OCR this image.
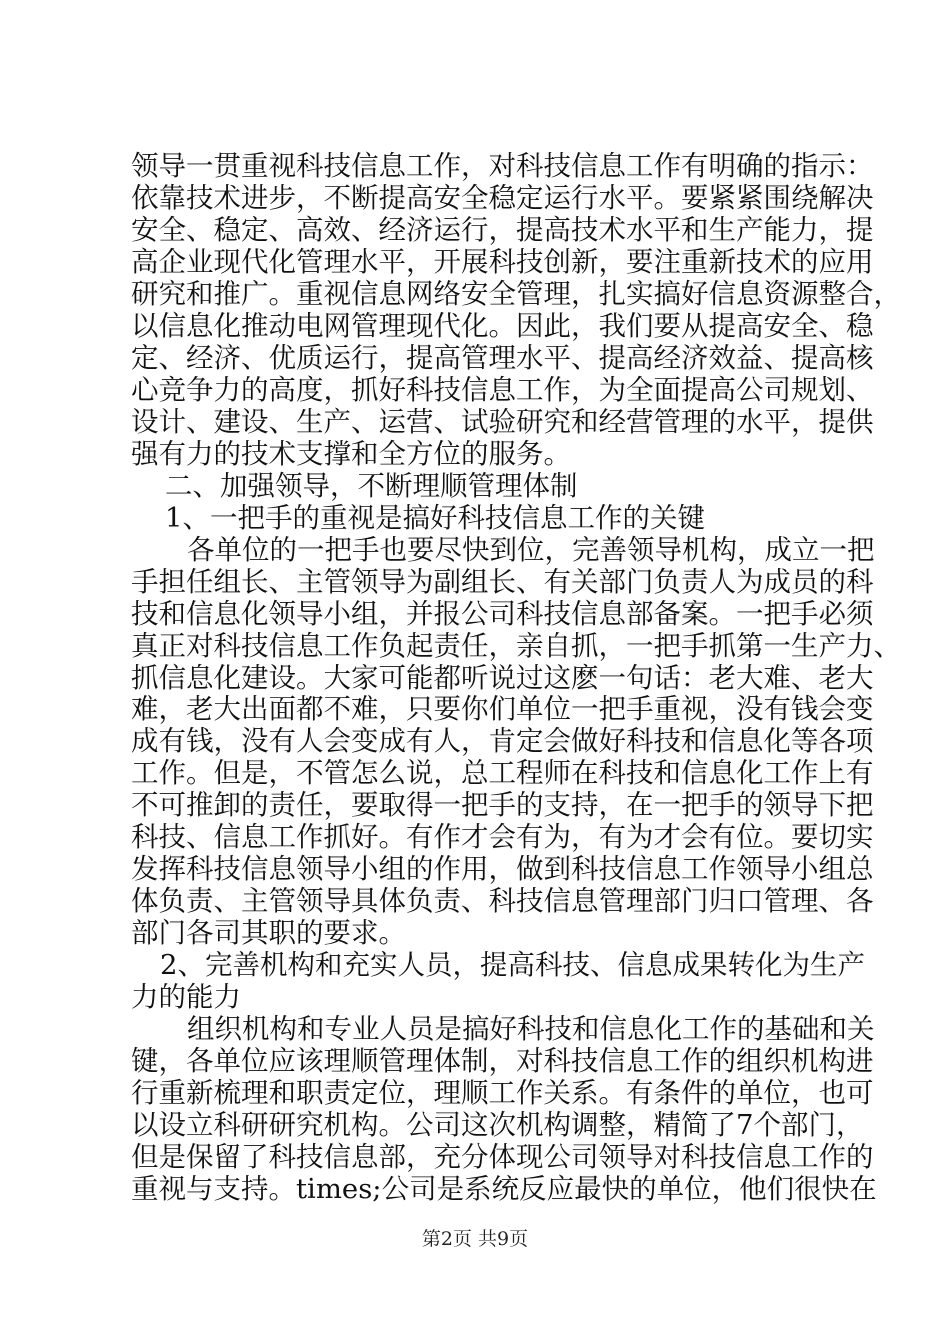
领导一贯重视科技信息工作，对科技信息工作有明确的指示：
依靠技术进步，不断提高安全稳定运行水平。要紧紧围绕解决
安全、稳定、高效、经济运行，提高技术水平和生产能力，提
高企业现代化管理水平，开展科技创新，要注重新技术的应用
研究和推广。重视信息网络安全管理，扎实搞好信息资源整合，
以信息化推动电网管理现代化。因此，我们要从提高安全、稳
定、经济、优质运行，提高管理水平、提高经济效益、提高核
心竞争力的高度，抓好科技信息工作，为全面提高公司规划、
设计、建设、生产、运营、试验研究和经营管理的水平，提供
强有力的技术支撑和全方位的服务。
二、加强领导，不断理顺管理体制
1、一把手的重视是搞好科技信息工作的关键
各单位的一把手也要尽快到位，完善领导机构，成立一把
手担任组长、主管领导为副组长、有关部门负责人为成员的科
技和信息化领导小组，并报公司科技信息部备案。一把手必须
真正对科技信息工作负起责任，亲自抓，一把手抓第一生产力、
抓信息化建设。大家可能都听说过这麽一句话：老大难、老大
难，老大出面都不难，只要你们单位一把手重视，没有钱会变
成有钱，没有人会变成有人，肯定会做好科技和信息化等各项
工作。但是，不管怎么说，总工程师在科技和信息化工作上有
不可推卸的责任，要取得一把手的支持，在一把手的领导下把
科技、信息工作抓好。有作才会有为，有为才会有位。要切实
发挥科技信息领导小组的作用，做到科技信息工作领导小组总
体负责、主管领导具体负责、科技信息管理部门归口管理、各
部门各司其职的要求。
2、完善机构和充实人员，提高科技、信息成果转化为生产
力的能力
组织机构和专业人员是搞好科技和信息化工作的基础和关
键，各单位应该理顺管理体制，对科技信息工作的组织机构进
行重新梳理和职责定位，理顺工作关系。有条件的单位，也可
以设立科研研究机构。公司这次机构调整，精简了7个部门，
但是保留了科技信息部，充分体现公司领导对科技信息工作的
重视与支持。times;公司是系统反应最快的单位，他们很快在
第2页 共9页
